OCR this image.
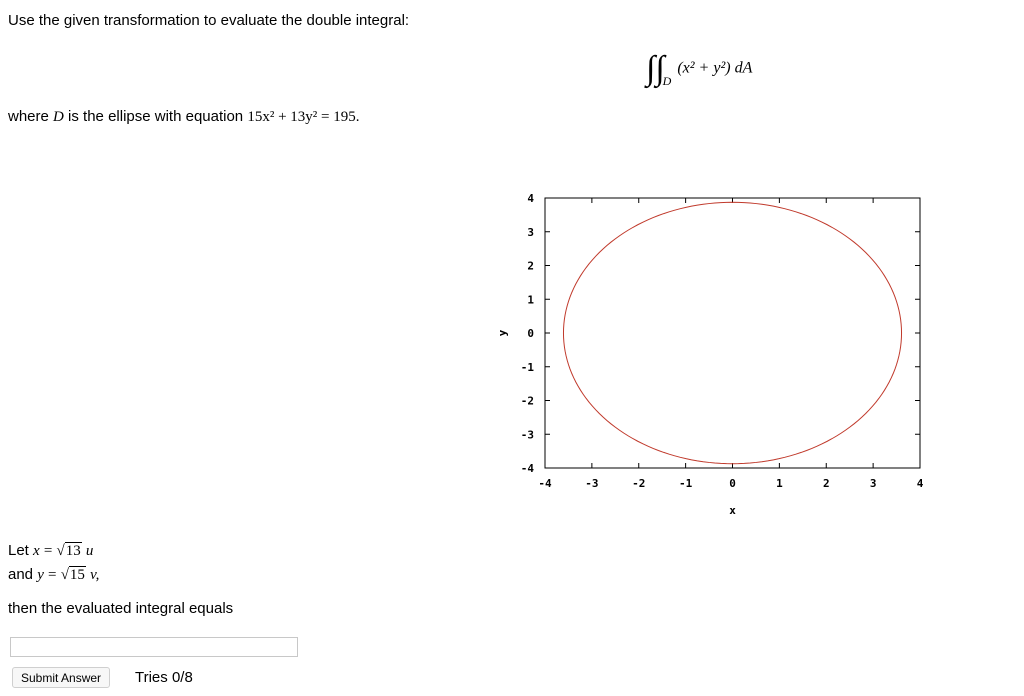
Use the given transformation to evaluate the double integral:
$\int\int_D$ (x² + y²) dA
where D is the ellipse with equation 15x² + 13y² = 195.
-4	-3	-2	-1	0	1	2	3	4
4
3
2
1
0
-1
-2
-3
-4
x
y
Let x = √13 u
and y = √15 v,
then the evaluated integral equals
Submit Answer	Tries 0/8
